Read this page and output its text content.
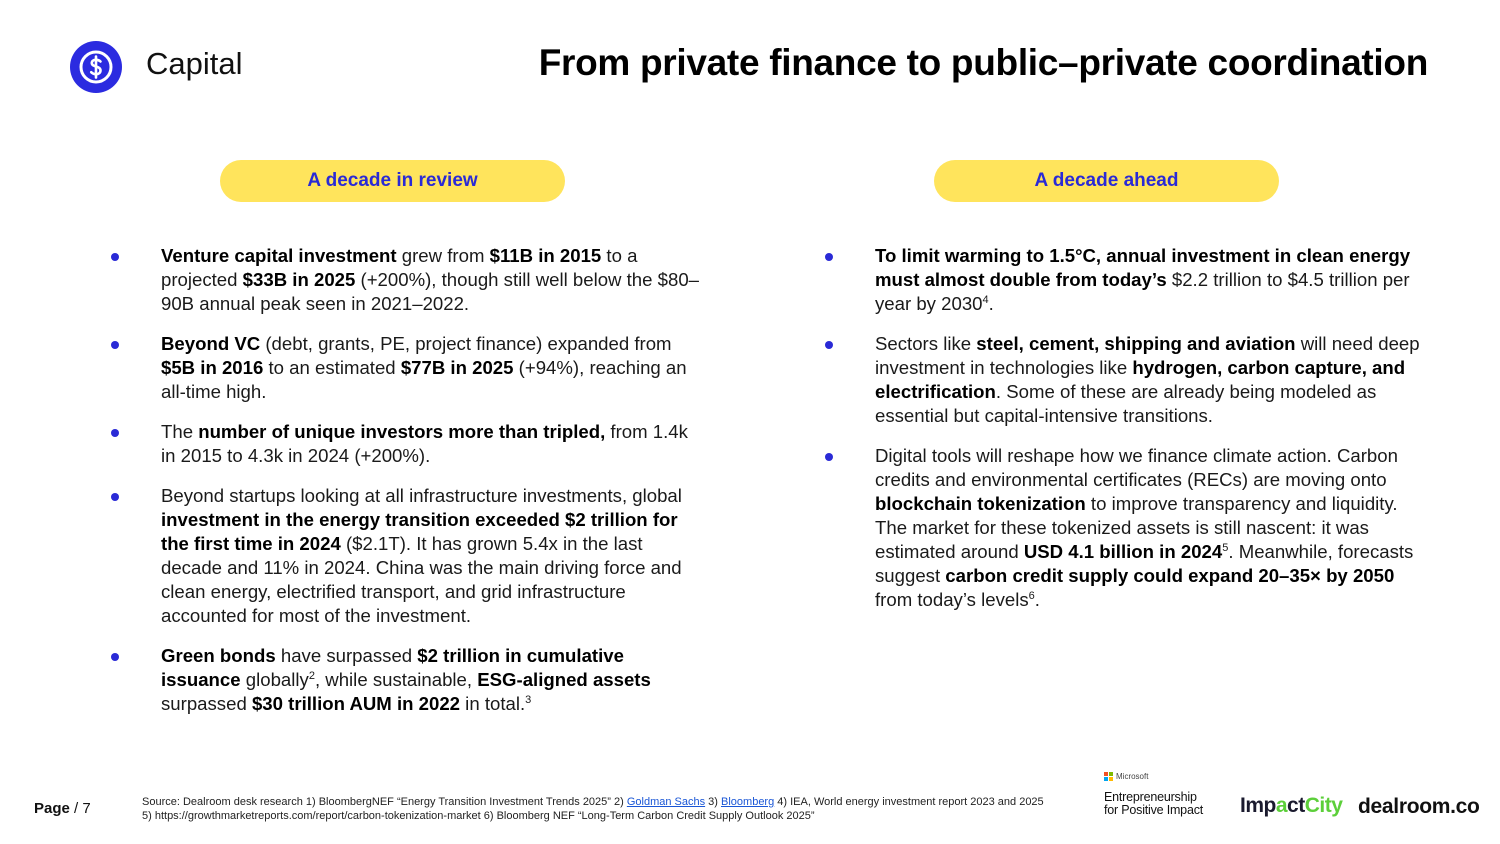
Capital	From private finance to public–private coordination
A decade in review	A decade ahead
Venture capital investment grew from $11B in 2015 to a projected $33B in 2025 (+200%), though still well below the $80–90B annual peak seen in 2021–2022.
Beyond VC (debt, grants, PE, project finance) expanded from $5B in 2016 to an estimated $77B in 2025 (+94%), reaching an all-time high.
The number of unique investors more than tripled, from 1.4k in 2015 to 4.3k in 2024 (+200%).
Beyond startups looking at all infrastructure investments, global investment in the energy transition exceeded $2 trillion for the first time in 2024 ($2.1T). It has grown 5.4x in the last decade and 11% in 2024. China was the main driving force and clean energy, electrified transport, and grid infrastructure accounted for most of the investment.
Green bonds have surpassed $2 trillion in cumulative issuance globally$^2$, while sustainable, ESG-aligned assets surpassed $30 trillion AUM in 2022 in total.$^3$
To limit warming to 1.5°C, annual investment in clean energy must almost double from today’s $2.2 trillion to $4.5 trillion per year by 2030$^4$.
Sectors like steel, cement, shipping and aviation will need deep investment in technologies like hydrogen, carbon capture, and electrification. Some of these are already being modeled as essential but capital-intensive transitions.
Digital tools will reshape how we finance climate action. Carbon credits and environmental certificates (RECs) are moving onto blockchain tokenization to improve transparency and liquidity. The market for these tokenized assets is still nascent: it was estimated around USD 4.1 billion in 2024$^5$. Meanwhile, forecasts suggest carbon credit supply could expand 20–35× by 2050 from today’s levels$^6$.
Page / 7	Source: Dealroom desk research 1) BloombergNEF “Energy Transition Investment Trends 2025” 2) Goldman Sachs 3) Bloomberg 4) IEA, World energy investment report 2023 and 2025 5) https://growthmarketreports.com/report/carbon-tokenization-market 6) Bloomberg NEF “Long-Term Carbon Credit Supply Outlook 2025”
Microsoft
Entrepreneurship
for Positive Impact ImpactCity dealroom.co
